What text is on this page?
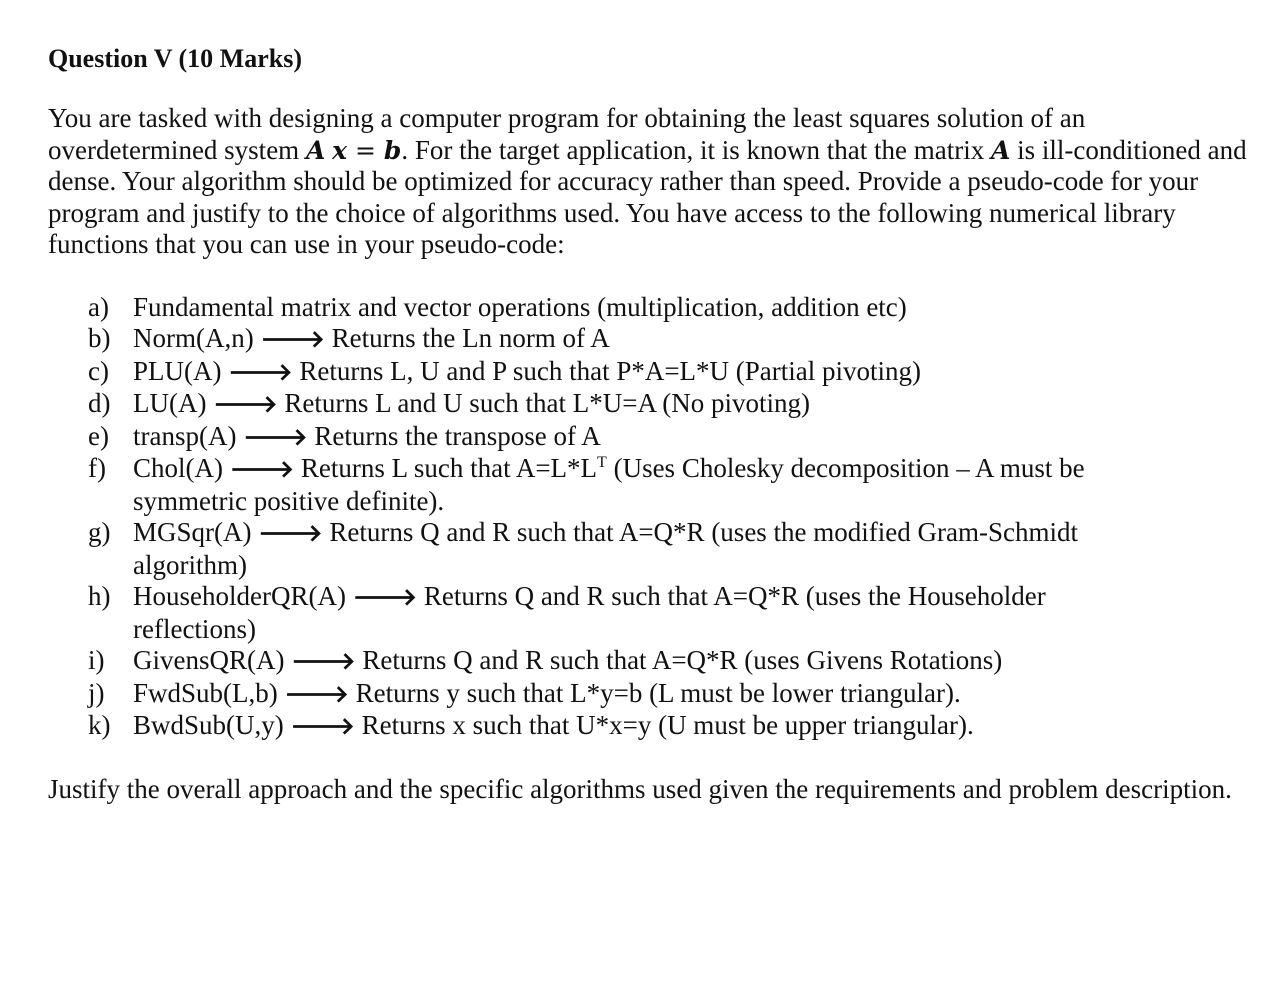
Question V (10 Marks)

You are tasked with designing a computer program for obtaining the least squares solution of an overdetermined system A x = b. For the target application, it is known that the matrix A is ill-conditioned and dense. Your algorithm should be optimized for accuracy rather than speed. Provide a pseudo-code for your program and justify to the choice of algorithms used. You have access to the following numerical library functions that you can use in your pseudo-code:

a) Fundamental matrix and vector operations (multiplication, addition etc)
b) Norm(A,n) 🡒 Returns the Ln norm of A
c) PLU(A) 🡒 Returns L, U and P such that P*A=L*U (Partial pivoting)
d) LU(A) 🡒 Returns L and U such that L*U=A (No pivoting)
e) transp(A) 🡒 Returns the transpose of A
f)	Chol(A) 🡒 Returns L such that $A=L*L^T$ (Uses Cholesky decomposition – A must be symmetric positive definite).
g) MGSqr(A) 🡒 Returns Q and R such that A=Q*R (uses the modified Gram-Schmidt algorithm)
h) HouseholderQR(A) 🡒 Returns Q and R such that A=Q*R (uses the Householder reflections)
i)	GivensQR(A) 🡒 Returns Q and R such that A=Q*R (uses Givens Rotations)
j)	FwdSub(L,b) 🡒 Returns y such that L*y=b (L must be lower triangular).
k) BwdSub(U,y) 🡒 Returns x such that U*x=y (U must be upper triangular).

Justify the overall approach and the specific algorithms used given the requirements and problem description.
